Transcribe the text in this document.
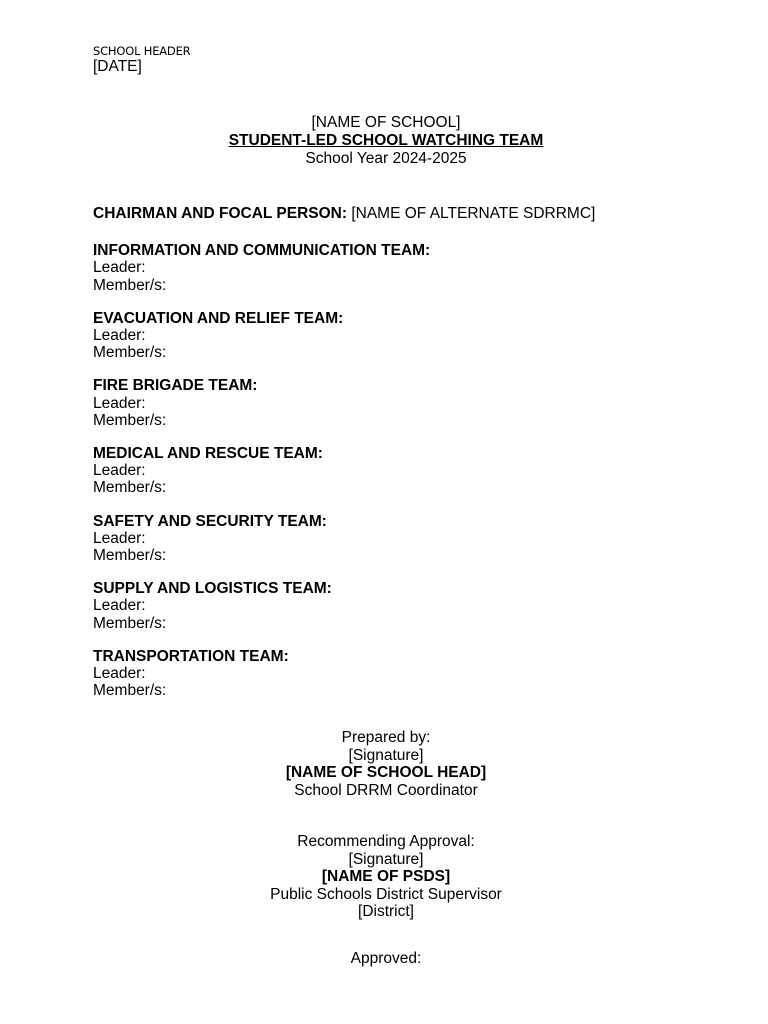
SCHOOL HEADER
[DATE]
[NAME OF SCHOOL]
STUDENT-LED SCHOOL WATCHING TEAM
School Year 2024-2025
CHAIRMAN AND FOCAL PERSON: [NAME OF ALTERNATE SDRRMC]
INFORMATION AND COMMUNICATION TEAM:
Leader:
Member/s:
EVACUATION AND RELIEF TEAM:
Leader:
Member/s:
FIRE BRIGADE TEAM:
Leader:
Member/s:
MEDICAL AND RESCUE TEAM:
Leader:
Member/s:
SAFETY AND SECURITY TEAM:
Leader:
Member/s:
SUPPLY AND LOGISTICS TEAM:
Leader:
Member/s:
TRANSPORTATION TEAM:
Leader:
Member/s:
Prepared by:
[Signature]
[NAME OF SCHOOL HEAD]
School DRRM Coordinator
Recommending Approval:
[Signature]
[NAME OF PSDS]
Public Schools District Supervisor
[District]
Approved:
